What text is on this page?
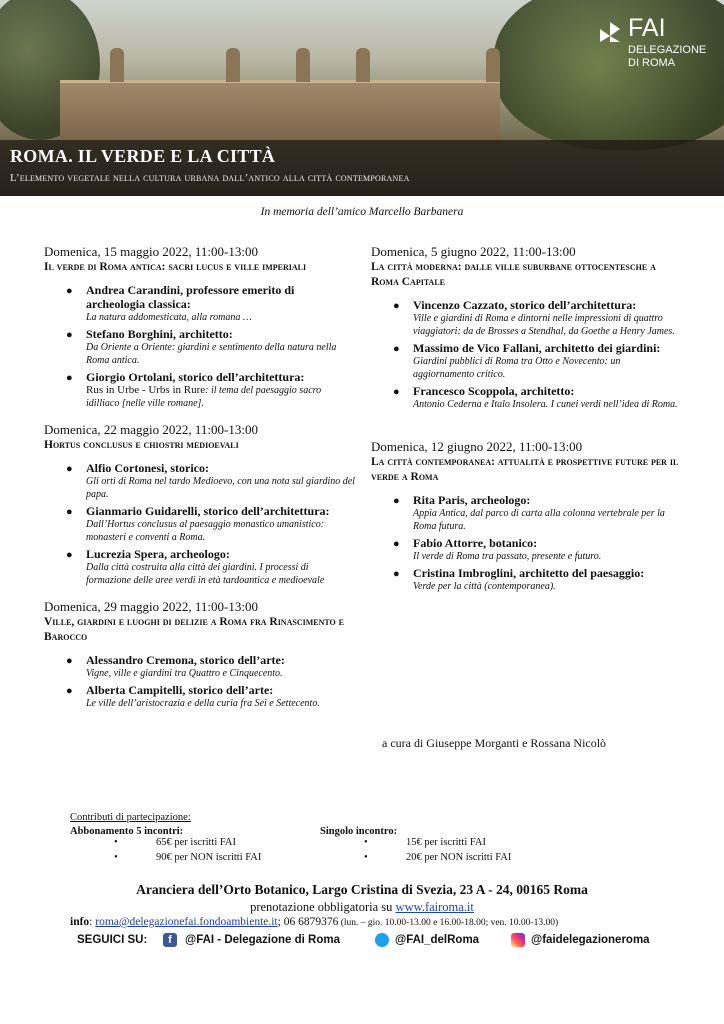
ROMA. IL VERDE E LA CITTÀ
L’elemento vegetale nella cultura urbana dall’antico alla città contemporanea
FAI
DELEGAZIONE
DI ROMA
In memoria dell’amico Marcello Barbanera
Domenica, 15 maggio 2022, 11:00-13:00
Il verde di Roma antica: sacri lucus e ville imperiali
● Andrea Carandini, professore emerito di archeologia classica:
La natura addomesticata, alla romana …
● Stefano Borghini, architetto:
Da Oriente a Oriente: giardini e sentimento della natura nella Roma antica.
● Giorgio Ortolani, storico dell’architettura:
Rus in Urbe - Urbs in Rure: il tema del paesaggio sacro idilliaco [nelle ville romane].
Domenica, 22 maggio 2022, 11:00-13:00
Hortus conclusus e chiostri medioevali
● Alfio Cortonesi, storico:
Gli orti di Roma nel tardo Medioevo, con una nota sul giardino del papa.
● Gianmario Guidarelli, storico dell’architettura:
Dall’Hortus conclusus al paesaggio monastico umanistico: monasteri e conventi a Roma.
● Lucrezia Spera, archeologo:
Dalla città costruita alla città dei giardini. I processi di formazione delle aree verdi in età tardoantica e medioevale
Domenica, 29 maggio 2022, 11:00-13:00
Ville, giardini e luoghi di delizie a Roma fra Rinascimento e Barocco
● Alessandro Cremona, storico dell’arte:
Vigne, ville e giardini tra Quattro e Cinquecento.
● Alberta Campitelli, storico dell’arte:
Le ville dell’aristocrazia e della curia fra Sei e Settecento.
Domenica, 5 giugno 2022, 11:00-13:00
La città moderna: dalle ville suburbane ottocentesche a Roma Capitale
● Vincenzo Cazzato, storico dell’architettura:
Ville e giardini di Roma e dintorni nelle impressioni di quattro viaggiatori: da de Brosses a Stendhal, da Goethe a Henry James.
● Massimo de Vico Fallani, architetto dei giardini:
Giardini pubblici di Roma tra Otto e Novecento: un aggiornamento critico.
● Francesco Scoppola, architetto:
Antonio Cederna e Italo Insolera. I cunei verdi nell’idea di Roma.
Domenica, 12 giugno 2022, 11:00-13:00
La città contemporanea: attualità e prospettive future per il verde a Roma
● Rita Paris, archeologo:
Appia Antica, dal parco di carta alla colonna vertebrale per la Roma futura.
● Fabio Attorre, botanico:
Il verde di Roma tra passato, presente e futuro.
● Cristina Imbroglini, architetto del paesaggio:
Verde per la città (contemporanea).
a cura di Giuseppe Morganti e Rossana Nicolò
Contributi di partecipazione:
Abbonamento 5 incontri:
•	65€ per iscritti FAI
•	90€ per NON iscritti FAI
Singolo incontro:
•	15€ per iscritti FAI
•	20€ per NON iscritti FAI
Aranciera dell’Orto Botanico, Largo Cristina di Svezia, 23 A - 24, 00165 Roma
prenotazione obbligatoria su www.fairoma.it
info: roma@delegazionefai.fondoambiente.it; 06 6879376 (lun. – gio. 10.00-13.00 e 16.00-18.00; ven. 10.00-13.00)
SEGUICI SU:	f	@FAI - Delegazione di Roma	@FAI_delRoma	@faidelegazioneroma
